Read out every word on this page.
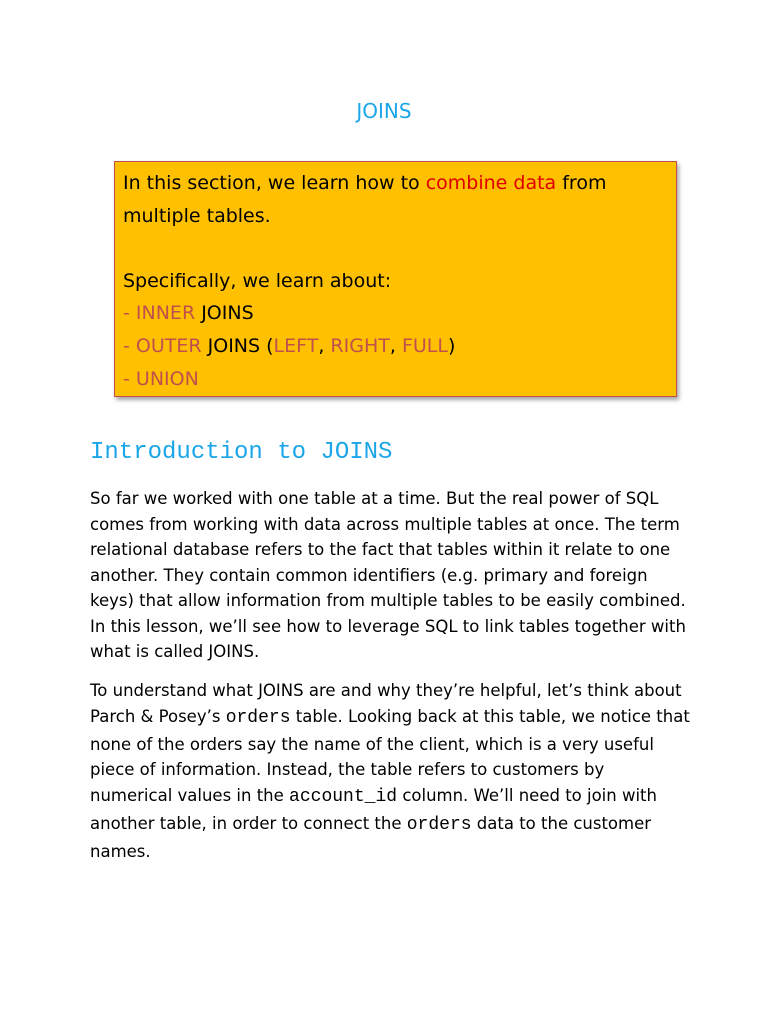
JOINS

In this section, we learn how to combine data from

multiple tables.

Specifically, we learn about:

- INNER JOINS

- OUTER JOINS (LEFT, RIGHT, FULL)

- UNION

Introduction to JOINS

So far we worked with one table at a time. But the real power of SQL comes from working with data across multiple tables at once. The term relational database refers to the fact that tables within it relate to one another. They contain common identifiers (e.g. primary and foreign keys) that allow information from multiple tables to be easily combined. In this lesson, we’ll see how to leverage SQL to link tables together with what is called JOINS.

To understand what JOINS are and why they’re helpful, let’s think about Parch & Posey’s orders table. Looking back at this table, we notice that none of the orders say the name of the client, which is a very useful piece of information. Instead, the table refers to customers by numerical values in the account_id column. We’ll need to join with another table, in order to connect the orders data to the customer names.
